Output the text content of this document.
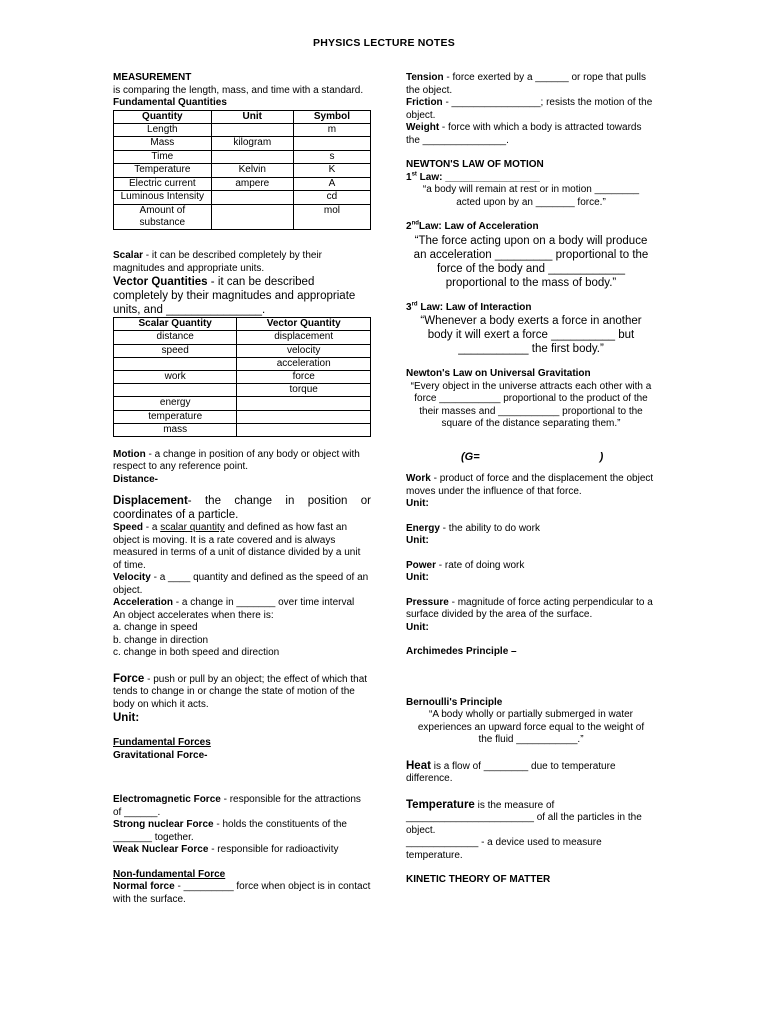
PHYSICS LECTURE NOTES

MEASUREMENT

is comparing the length, mass, and time with a standard.

Fundamental Quantities

Quantity	Unit	Symbol
Length		m
Mass	kilogram	
Time		s
Temperature	Kelvin	K
Electric current	ampere	A
Luminous Intensity		cd
Amount of substance		mol

Scalar - it can be described completely by their magnitudes and appropriate units.

Vector Quantities - it can be described completely by their magnitudes and appropriate units, and _______________.

Scalar Quantity	Vector Quantity
distance	displacement
speed	velocity
	acceleration
work	force
	torque
energy	
temperature	
mass	

Motion - a change in position of any body or object with respect to any reference point.

Distance-

Displacement- the change in position or coordinates of a particle.

Speed - a scalar quantity and defined as how fast an object is moving. It is a rate covered and is always measured in terms of a unit of distance divided by a unit of time.

Velocity - a ____ quantity and defined as the speed of an object.

Acceleration - a change in _______ over time interval

An object accelerates when there is:

a. change in speed

b. change in direction

c. change in both speed and direction

Force - push or pull by an object; the effect of which that tends to change in or change the state of motion of the body on which it acts.

Unit:

Fundamental Forces

Gravitational Force-

Electromagnetic Force - responsible for the attractions of ______.

Strong nuclear Force - holds the constituents of the _______ together.

Weak Nuclear Force - responsible for radioactivity

Non-fundamental Force

Normal force - _________ force when object is in contact with the surface.

Tension - force exerted by a ______ or rope that pulls the object.

Friction - ________________; resists the motion of the object.

Weight - force with which a body is attracted towards the _______________.

NEWTON'S LAW OF MOTION

1st Law: _________________

“a body will remain at rest or in motion ________ acted upon by an _______ force.”

2ndLaw: Law of Acceleration

“The force acting upon on a body will produce an acceleration _________ proportional to the force of the body and ____________ proportional to the mass of body.”

3rd Law: Law of Interaction

“Whenever a body exerts a force in another body it will exert a force __________ but ___________ the first body.”

Newton's Law on Universal Gravitation

“Every object in the universe attracts each other with a force ___________ proportional to the product of the their masses and ___________ proportional to the square of the distance separating them.”

(G=	)

Work - product of force and the displacement the object moves under the influence of that force.

Unit:

Energy - the ability to do work

Unit:

Power - rate of doing work

Unit:

Pressure - magnitude of force acting perpendicular to a surface divided by the area of the surface.

Unit:

Archimedes Principle –

Bernoulli's Principle

“A body wholly or partially submerged in water experiences an upward force equal to the weight of the fluid ___________.”

Heat is a flow of ________ due to temperature difference.

Temperature is the measure of _______________________ of all the particles in the object.

_____________ - a device used to measure temperature.

KINETIC THEORY OF MATTER
